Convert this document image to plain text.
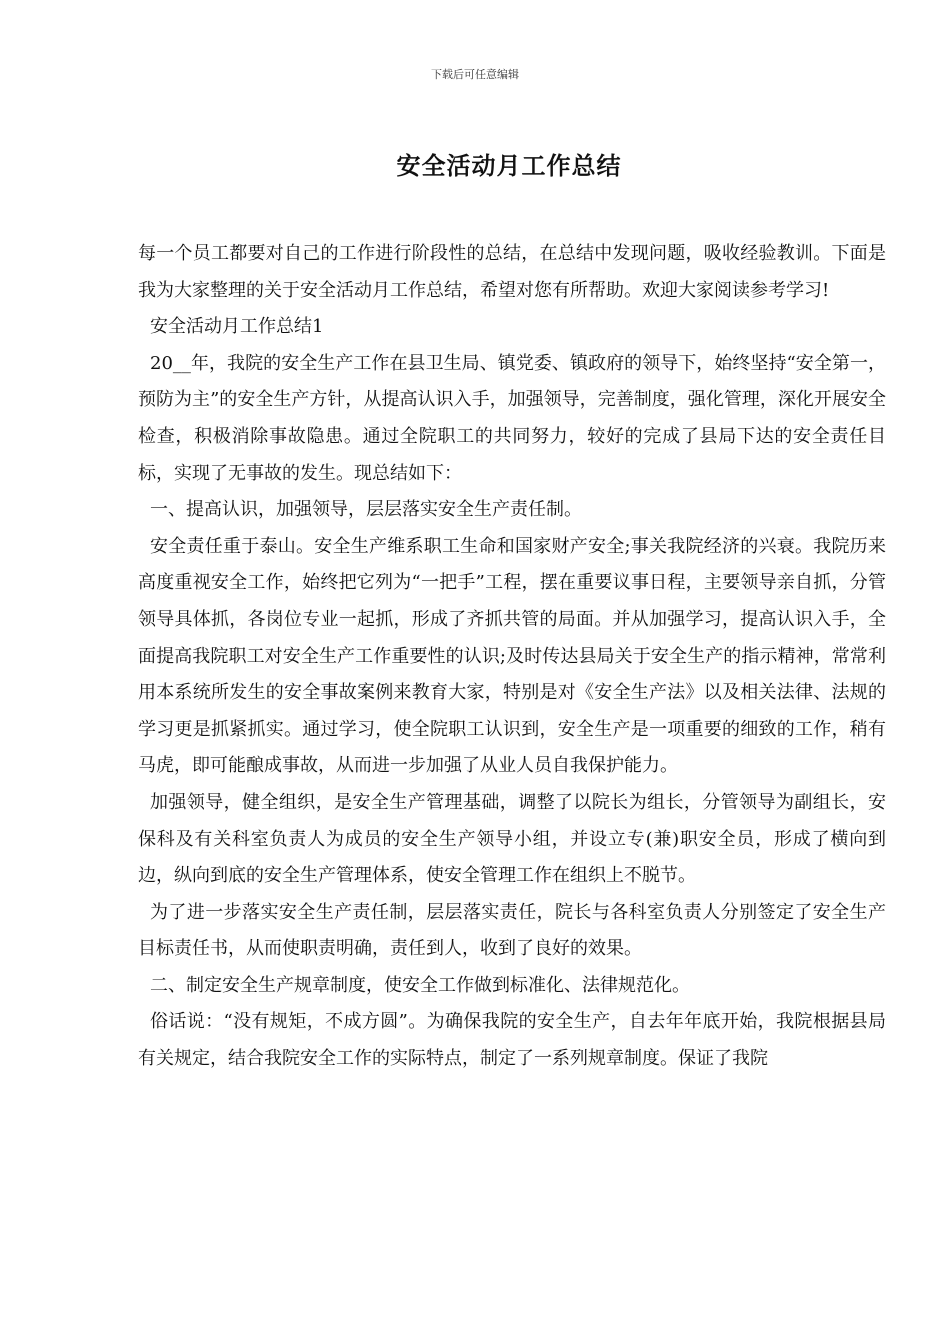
下载后可任意编辑
安全活动月工作总结

每一个员工都要对自己的工作进行阶段性的总结，在总结中发现问题，吸收经验教训。下面是我为大家整理的关于安全活动月工作总结，希望对您有所帮助。欢迎大家阅读参考学习!

安全活动月工作总结1

20__年，我院的安全生产工作在县卫生局、镇党委、镇政府的领导下，始终坚持“安全第一，预防为主”的安全生产方针，从提高认识入手，加强领导，完善制度，强化管理，深化开展安全检查，积极消除事故隐患。通过全院职工的共同努力，较好的完成了县局下达的安全责任目标，实现了无事故的发生。现总结如下：

一、提高认识，加强领导，层层落实安全生产责任制。

安全责任重于泰山。安全生产维系职工生命和国家财产安全;事关我院经济的兴衰。我院历来高度重视安全工作，始终把它列为“一把手”工程，摆在重要议事日程，主要领导亲自抓，分管领导具体抓，各岗位专业一起抓，形成了齐抓共管的局面。并从加强学习，提高认识入手，全面提高我院职工对安全生产工作重要性的认识;及时传达县局关于安全生产的指示精神，常常利用本系统所发生的安全事故案例来教育大家，特别是对《安全生产法》以及相关法律、法规的学习更是抓紧抓实。通过学习，使全院职工认识到，安全生产是一项重要的细致的工作，稍有马虎，即可能酿成事故，从而进一步加强了从业人员自我保护能力。

加强领导，健全组织，是安全生产管理基础，调整了以院长为组长，分管领导为副组长，安保科及有关科室负责人为成员的安全生产领导小组，并设立专(兼)职安全员，形成了横向到边，纵向到底的安全生产管理体系，使安全管理工作在组织上不脱节。

为了进一步落实安全生产责任制，层层落实责任，院长与各科室负责人分别签定了安全生产目标责任书，从而使职责明确，责任到人，收到了良好的效果。

二、制定安全生产规章制度，使安全工作做到标准化、法律规范化。

俗话说：“没有规矩，不成方圆”。为确保我院的安全生产，自去年年底开始，我院根据县局有关规定，结合我院安全工作的实际特点，制定了一系列规章制度。保证了我院
